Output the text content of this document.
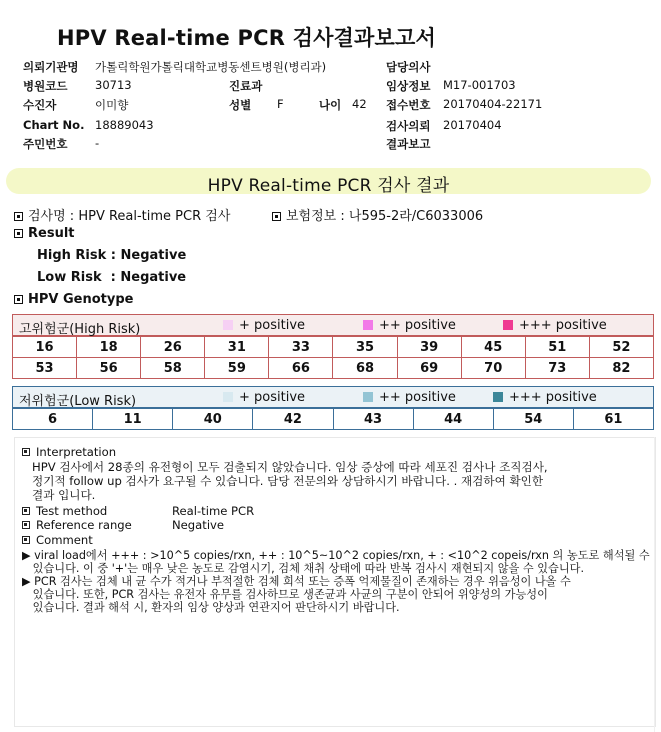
HPV Real-time PCR 검사결과보고서
의뢰기관명 가톨릭학원가톨릭대학교병동센트병원(병리과)	담당의사
병원코드 30713	진료과	임상정보 M17-001703
수진자	이미향	성별 F	나이 42 접수번호 20170404-22171
Chart No. 18889043	검사의뢰 20170404
주민번호 -	결과보고
HPV Real-time PCR 검사 결과
검사명 : HPV Real-time PCR 검사	보험정보 : 나595-2라/C6033006
Result
High Risk : Negative
Low Risk  : Negative
HPV Genotype
고위험군(High Risk)	+ positive	++ positive	+++ positive
16	18	26	31	33	35	39	45	51	52
53	56	58	59	66	68	69	70	73	82
저위험군(Low Risk)	+ positive	++ positive	+++ positive
6	11	40	42	43	44	54	61
Interpretation
HPV 검사에서 28종의 유전형이 모두 검출되지 않았습니다. 임상 증상에 따라 세포진 검사나 조직검사,
정기적 follow up 검사가 요구될 수 있습니다. 담당 전문의와 상담하시기 바랍니다. . 재검하여 확인한
결과 입니다.
Test method	Real-time PCR
Reference range	Negative
Comment
▶ viral load에서 +++ : >10^5 copies/rxn, ++ : 10^5~10^2 copies/rxn, + : <10^2 copeis/rxn 의 농도로 해석될 수
있습니다. 이 중 '+'는 매우 낮은 농도로 감염시기, 검체 채취 상태에 따라 반복 검사시 재현되지 않을 수 있습니다.
▶ PCR 검사는 검체 내 균 수가 적거나 부적절한 검체 희석 또는 증폭 억제물질이 존재하는 경우 위음성이 나올 수
있습니다. 또한, PCR 검사는 유전자 유무를 검사하므로 생존균과 사균의 구분이 안되어 위양성의 가능성이
있습니다. 결과 해석 시, 환자의 임상 양상과 연관지어 판단하시기 바랍니다.
